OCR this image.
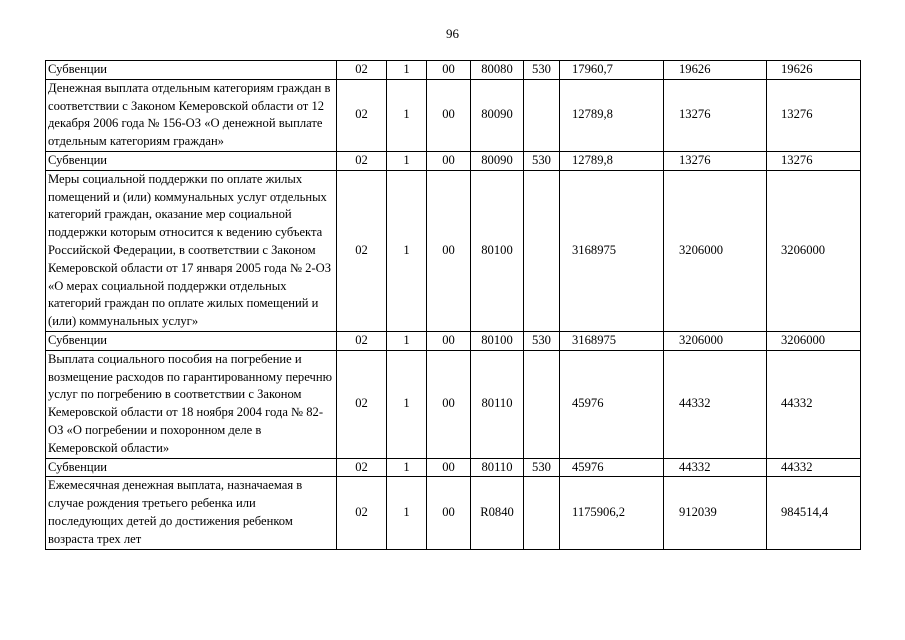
96
Субвенции	02	1	00	80080	530	17960,7	19626	19626
Денежная выплата отдельным категориям граждан в соответствии с Законом Кемеровской области от 12 декабря 2006 года № 156-ОЗ «О денежной выплате отдельным категориям граждан»	02	1	00	80090		12789,8	13276	13276
Субвенции	02	1	00	80090	530	12789,8	13276	13276
Меры социальной поддержки по оплате жилых помещений и (или) коммунальных услуг отдельных категорий граждан, оказание мер социальной поддержки которым относится к ведению субъекта Российской Федерации, в соответствии с Законом Кемеровской области от 17 января 2005 года № 2-ОЗ «О мерах социальной поддержки отдельных категорий граждан по оплате жилых помещений и (или) коммунальных услуг»	02	1	00	80100		3168975	3206000	3206000
Субвенции	02	1	00	80100	530	3168975	3206000	3206000
Выплата социального пособия на погребение и возмещение расходов по гарантированному перечню услуг по погребению в соответствии с Законом Кемеровской области от 18 ноября 2004 года № 82-ОЗ «О погребении и похоронном деле в Кемеровской области»	02	1	00	80110		45976	44332	44332
Субвенции	02	1	00	80110	530	45976	44332	44332
Ежемесячная денежная выплата, назначаемая в случае рождения третьего ребенка или последующих детей до достижения ребенком возраста трех лет	02	1	00	R0840		1175906,2	912039	984514,4
